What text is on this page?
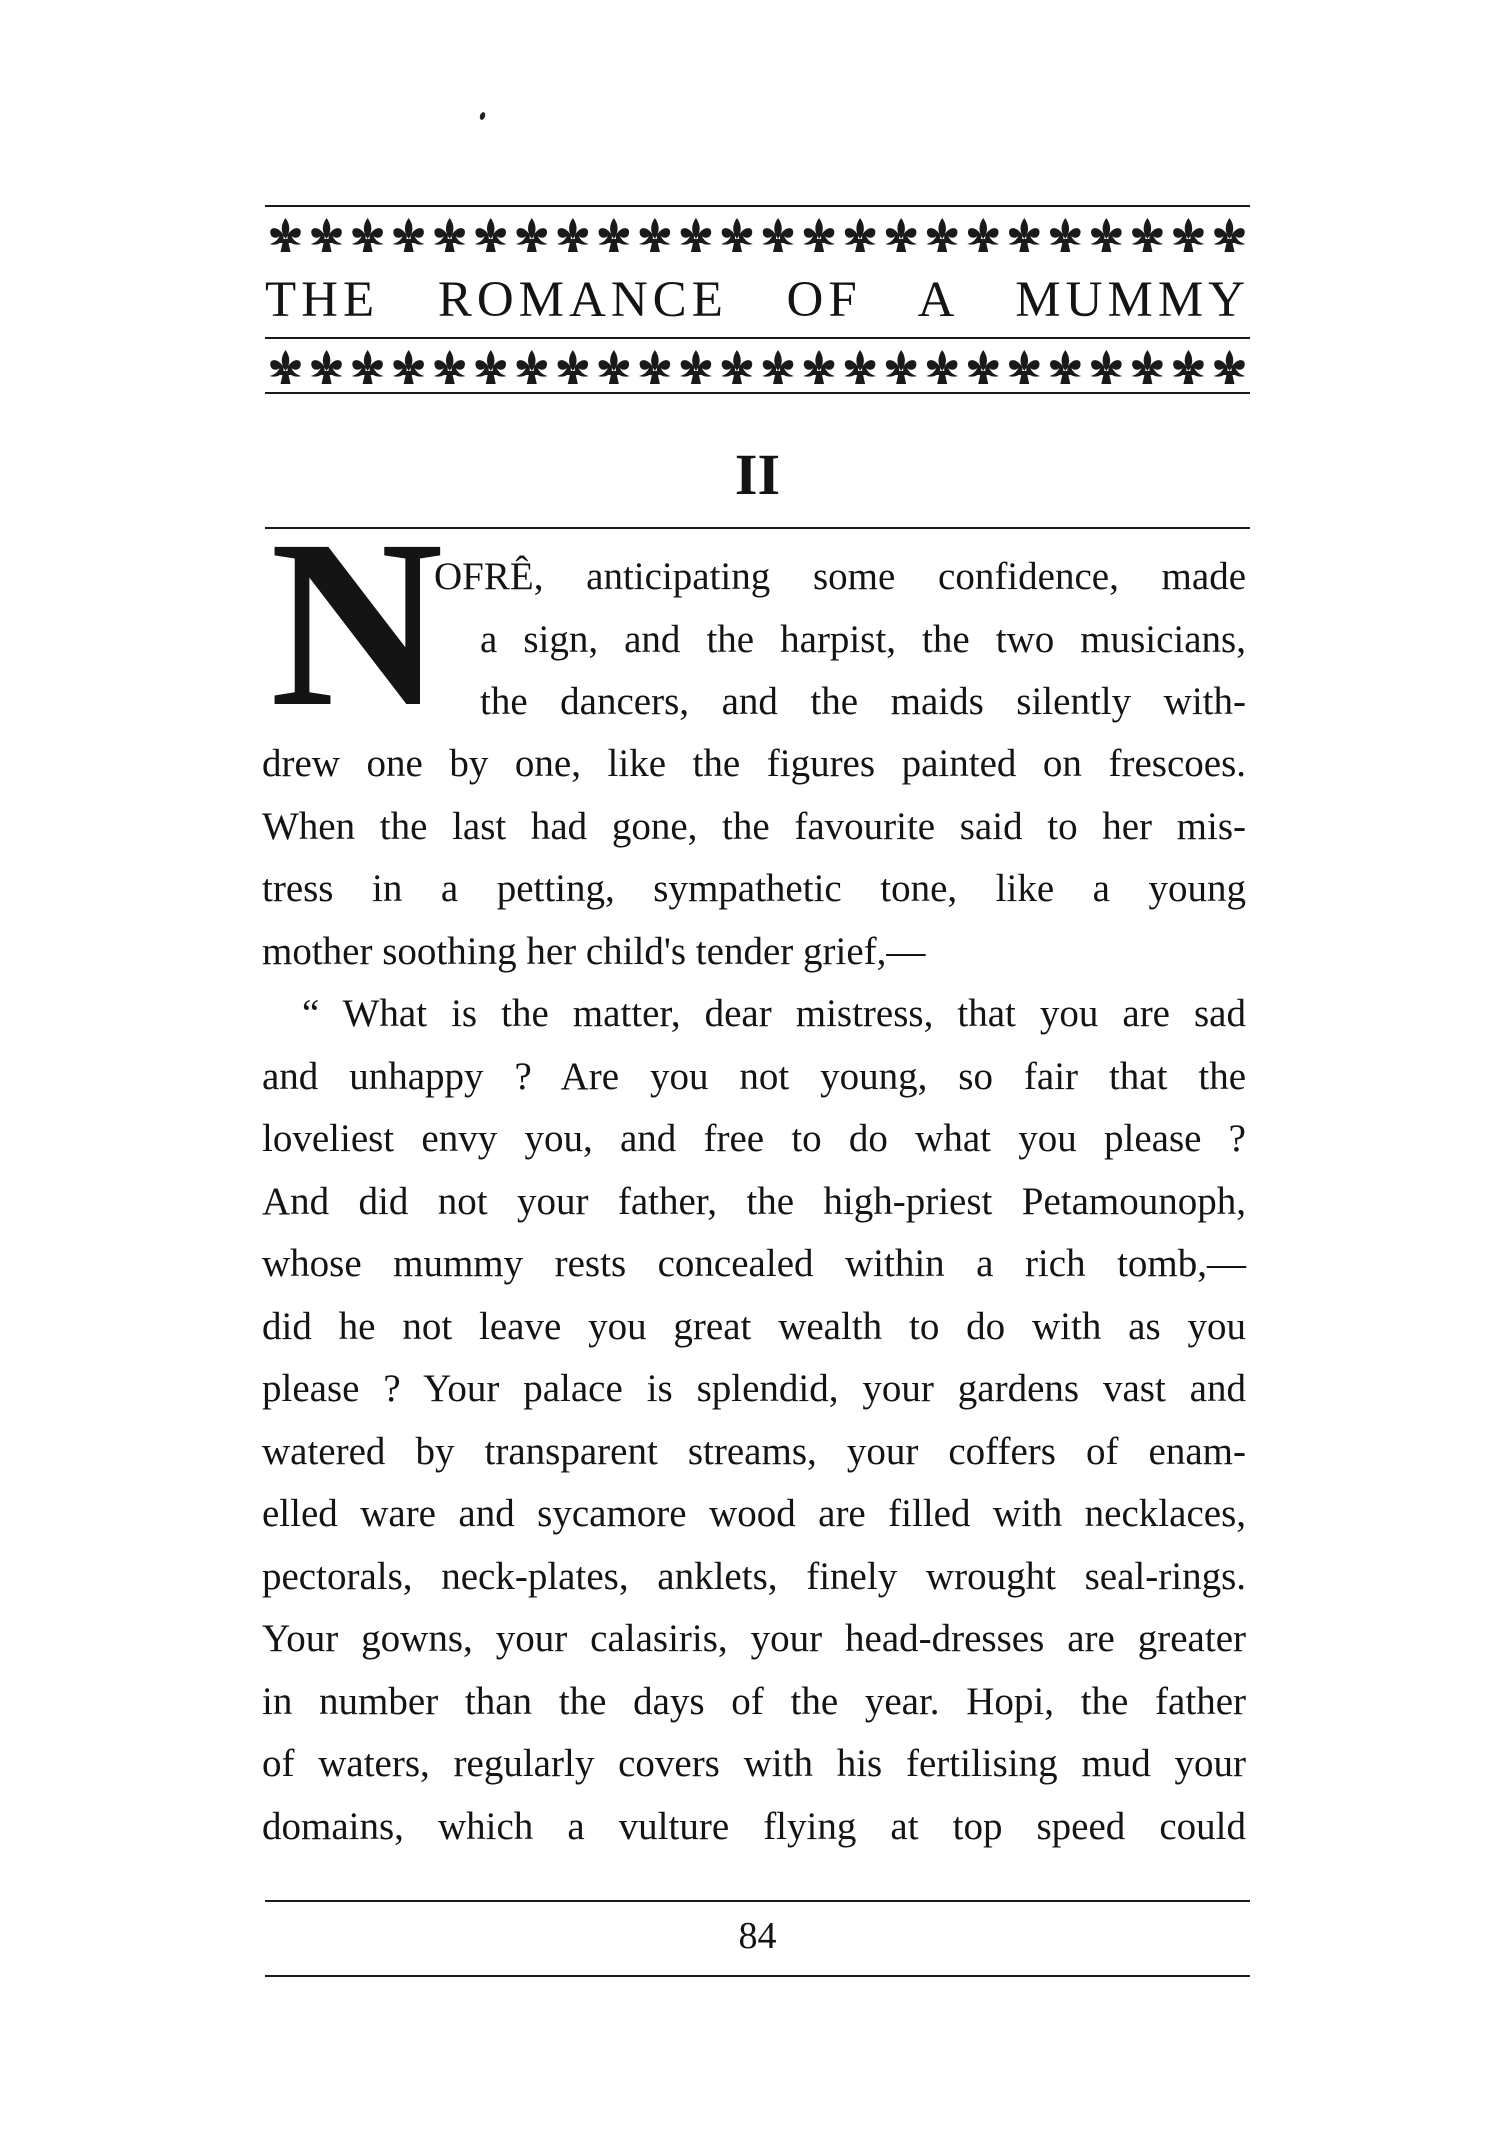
THE ROMANCE OF A MUMMY
II
N
OFRÊ, anticipating some confidence, made
a sign, and the harpist, the two musicians,
the dancers, and the maids silently with-
drew one by one, like the figures painted on frescoes.
When the last had gone, the favourite said to her mis-
tress in a petting, sympathetic tone, like a young
mother soothing her child's tender grief,—
“ What is the matter, dear mistress, that you are sad
and unhappy ? Are you not young, so fair that the
loveliest envy you, and free to do what you please ?
And did not your father, the high-priest Petamounoph,
whose mummy rests concealed within a rich tomb,—
did he not leave you great wealth to do with as you
please ? Your palace is splendid, your gardens vast and
watered by transparent streams, your coffers of enam-
elled ware and sycamore wood are filled with necklaces,
pectorals, neck-plates, anklets, finely wrought seal-rings.
Your gowns, your calasiris, your head-dresses are greater
in number than the days of the year. Hopi, the father
of waters, regularly covers with his fertilising mud your
domains, which a vulture flying at top speed could
84
